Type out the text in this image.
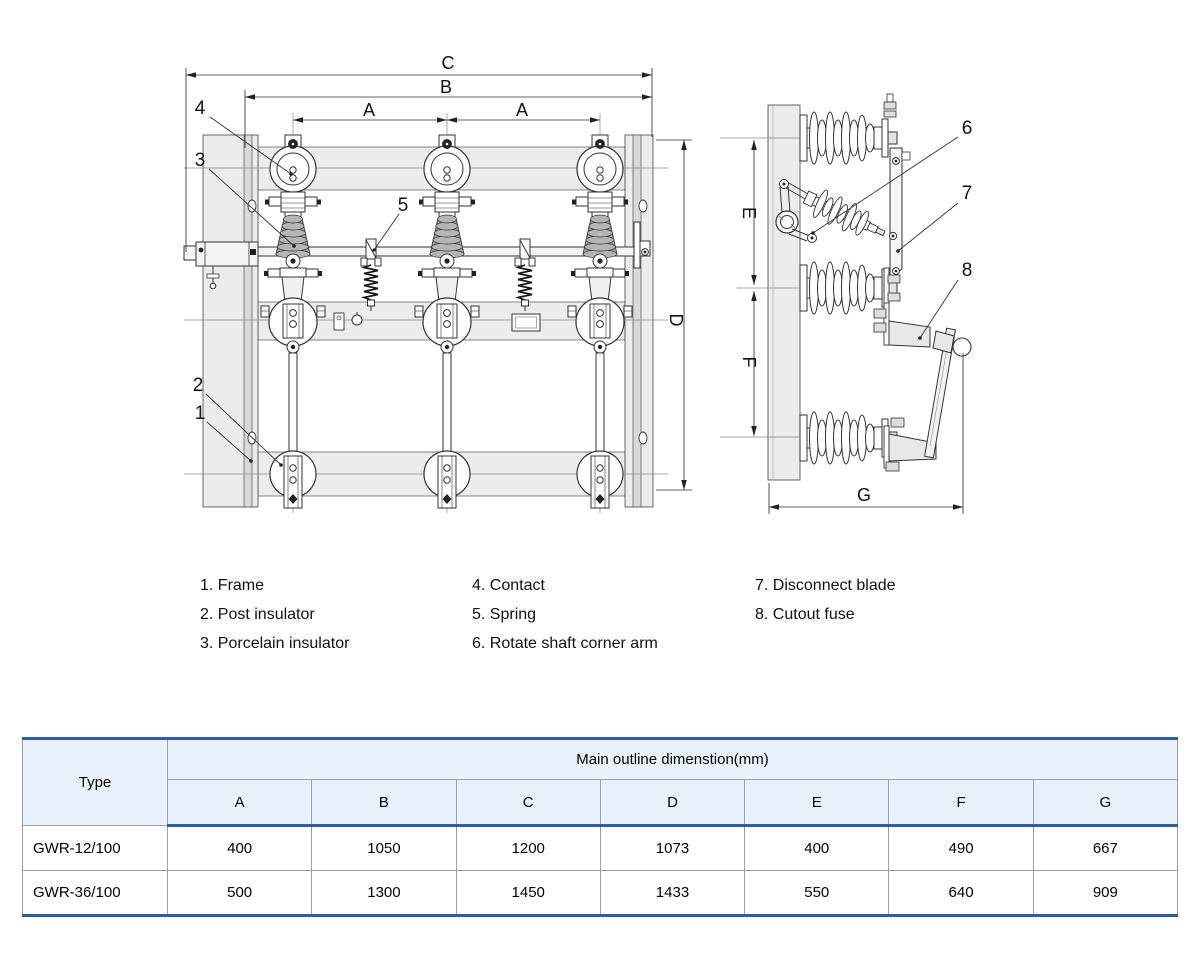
C
B
A	A
D
E
F
G
4
3
2
1
5
6
7
8
1. Frame
2. Post insulator
3. Porcelain insulator
4. Contact
5. Spring
6. Rotate shaft corner arm
7. Disconnect blade
8. Cutout fuse
Type	Main outline dimenstion(mm)						
	A	B	C	D	E	F	G
GWR-12/100	400	1050	1200	1073	400	490	667
GWR-36/100	500	1300	1450	1433	550	640	909
